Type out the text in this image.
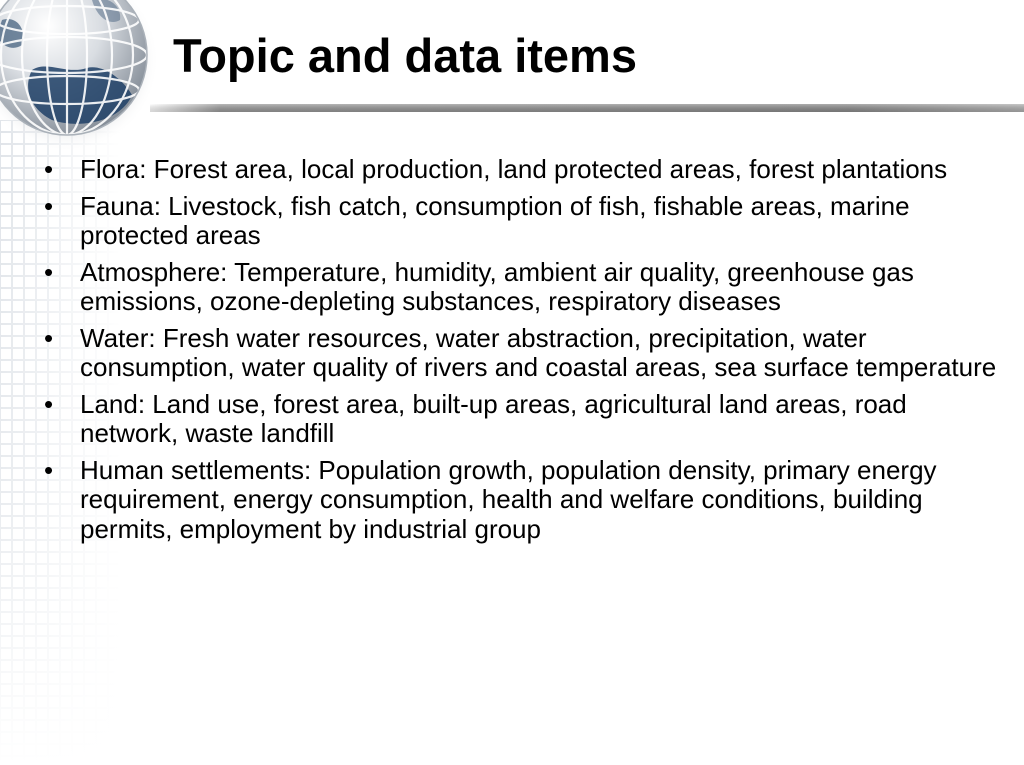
Topic and data items
• Flora: Forest area, local production, land protected areas, forest plantations
• Fauna: Livestock, fish catch, consumption of fish, fishable areas, marine protected areas
• Atmosphere: Temperature, humidity, ambient air quality, greenhouse gas emissions, ozone-depleting substances, respiratory diseases
• Water: Fresh water resources, water abstraction, precipitation, water consumption, water quality of rivers and coastal areas, sea surface temperature
• Land: Land use, forest area, built-up areas, agricultural land areas, road network, waste landfill
• Human settlements: Population growth, population density, primary energy requirement, energy consumption, health and welfare conditions, building permits, employment by industrial group
